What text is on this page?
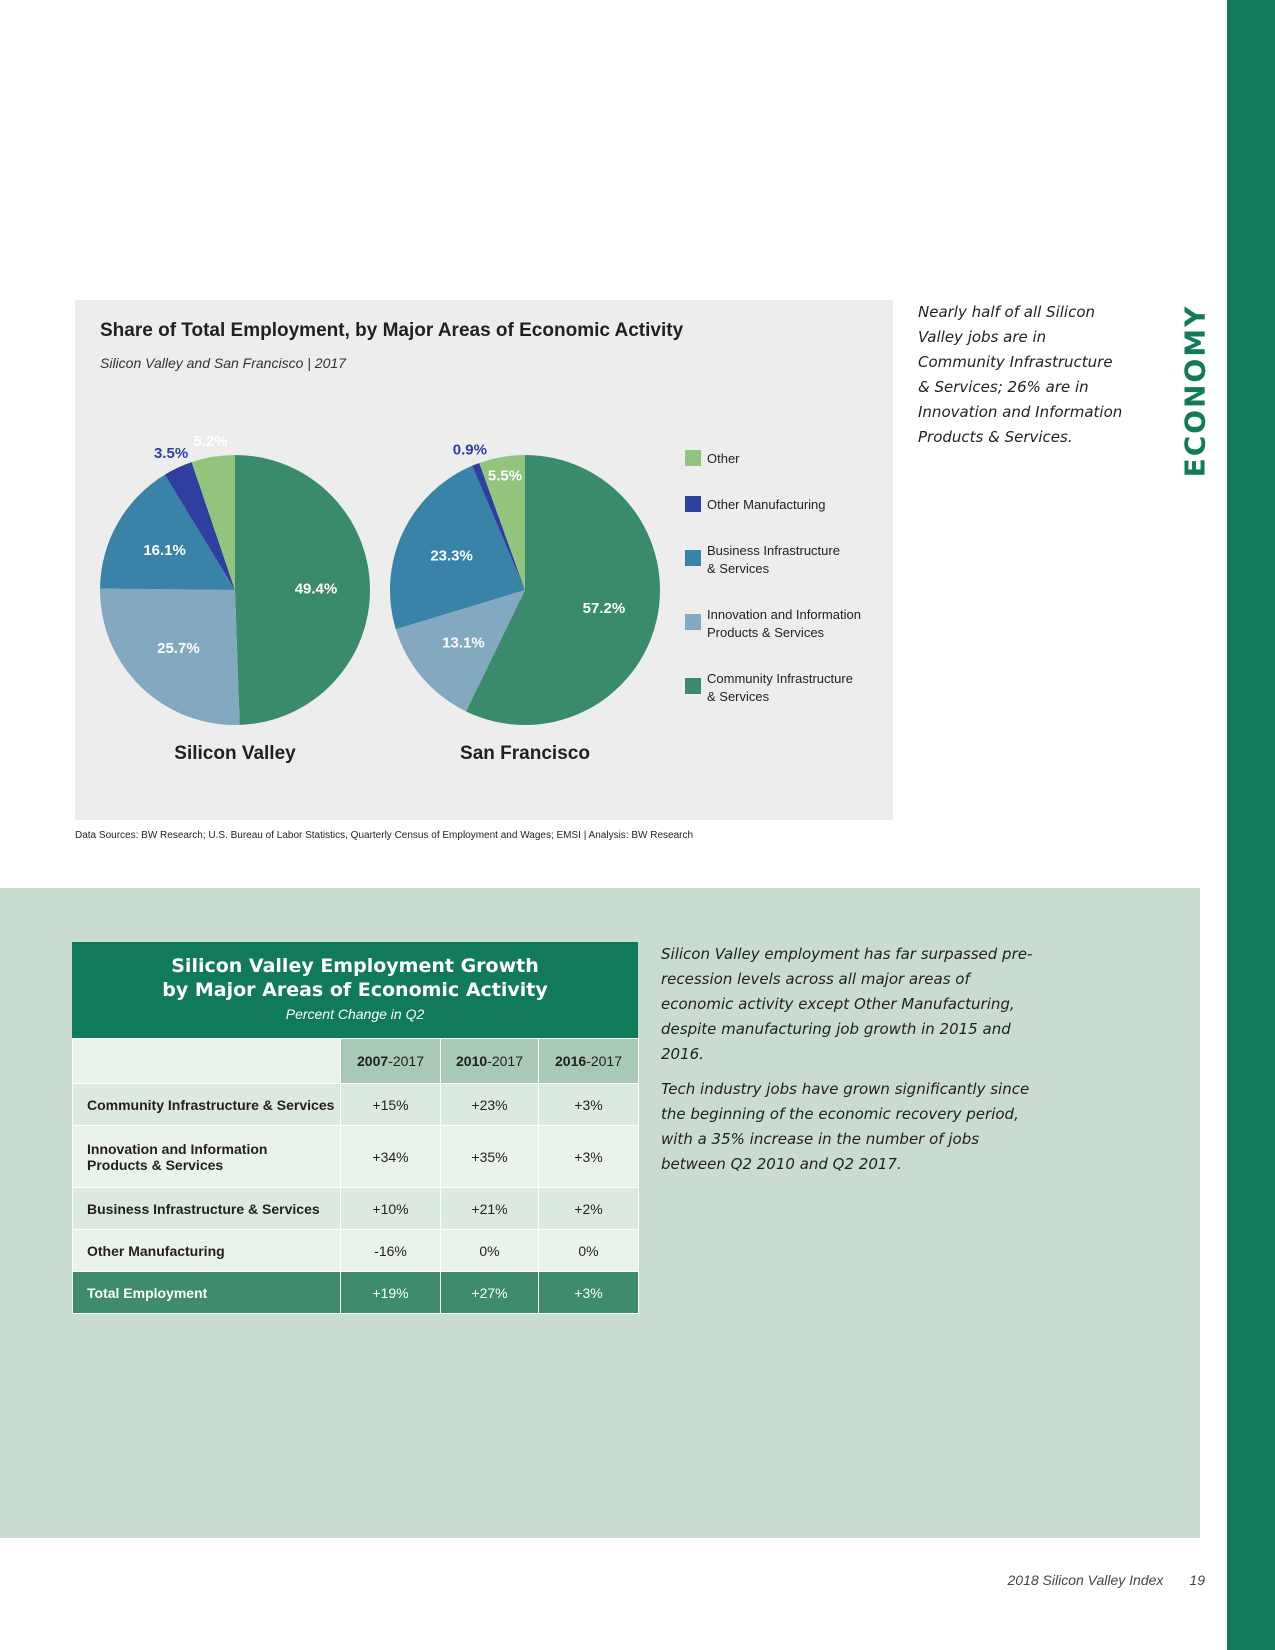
ECONOMY
Share of Total Employment, by Major Areas of Economic Activity
Silicon Valley and San Francisco | 2017
49.4%
25.7%
16.1%
3.5%
5.2%
Silicon Valley
57.2%
13.1%
23.3%
0.9%
5.5%
San Francisco
Other
Other Manufacturing
Business Infrastructure
& Services
Innovation and Information
Products & Services
Community Infrastructure
& Services
Data Sources: BW Research; U.S. Bureau of Labor Statistics, Quarterly Census of Employment and Wages; EMSI | Analysis: BW Research
Nearly half of all Silicon Valley jobs are in Community Infrastructure & Services; 26% are in Innovation and Information Products & Services.
Silicon Valley Employment Growth
by Major Areas of Economic Activity
Percent Change in Q2
	2007-2017	2010-2017	2016-2017
Community Infrastructure & Services	+15%	+23%	+3%

Innovation and Information
Products & Services	+34%	+35%	+3%
Business Infrastructure & Services	+10%	+21%	+2%
Other Manufacturing	-16%	0%	0%
Total Employment	+19%	+27%	+3%

Silicon Valley employment has far surpassed pre-recession levels across all major areas of economic activity except Other Manufacturing, despite manufacturing job growth in 2015 and 2016.

Tech industry jobs have grown significantly since the beginning of the economic recovery period, with a 35% increase in the number of jobs between Q2 2010 and Q2 2017.

2018 Silicon Valley Index 19
